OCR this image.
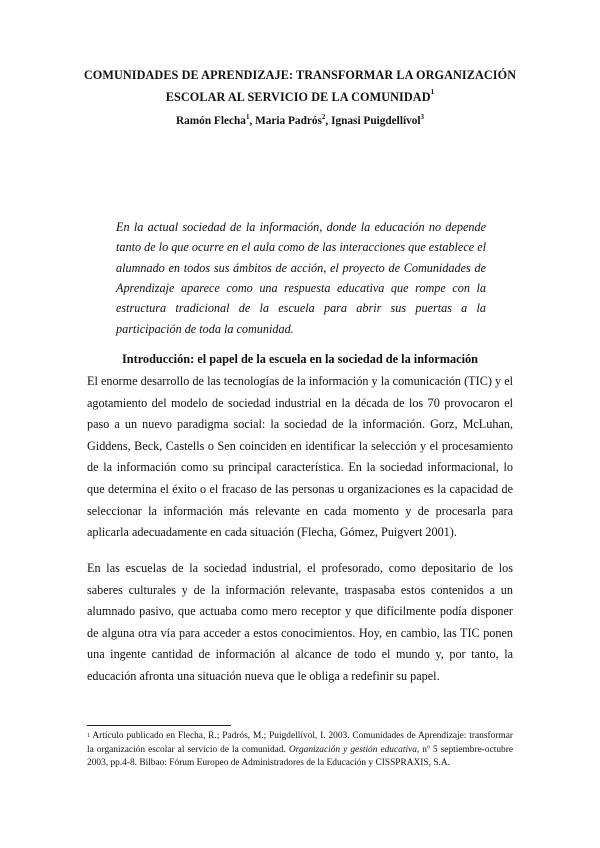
COMUNIDADES DE APRENDIZAJE: TRANSFORMAR LA ORGANIZACIÓN
ESCOLAR AL SERVICIO DE LA COMUNIDAD$^1$
Ramón Flecha$^1$, Maria Padrós$^2$, Ignasi Puigdellívol$^3$

En la actual sociedad de la información, donde la educación no depende tanto de lo que ocurre en el aula como de las interacciones que establece el alumnado en todos sus ámbitos de acción, el proyecto de Comunidades de Aprendizaje aparece como una respuesta educativa que rompe con la estructura tradicional de la escuela para abrir sus puertas a la participación de toda la comunidad.

Introducción: el papel de la escuela en la sociedad de la información

El enorme desarrollo de las tecnologías de la información y la comunicación (TIC) y el agotamiento del modelo de sociedad industrial en la década de los 70 provocaron el paso a un nuevo paradigma social: la sociedad de la información. Gorz, McLuhan, Giddens, Beck, Castells o Sen coinciden en identificar la selección y el procesamiento de la información como su principal característica. En la sociedad informacional, lo que determina el éxito o el fracaso de las personas u organizaciones es la capacidad de seleccionar la información más relevante en cada momento y de procesarla para aplicarla adecuadamente en cada situación (Flecha, Gómez, Puigvert 2001).

En las escuelas de la sociedad industrial, el profesorado, como depositario de los saberes culturales y de la información relevante, traspasaba estos contenidos a un alumnado pasivo, que actuaba como mero receptor y que difícilmente podía disponer de alguna otra vía para acceder a estos conocimientos. Hoy, en cambio, las TIC ponen una ingente cantidad de información al alcance de todo el mundo y, por tanto, la educación afronta una situación nueva que le obliga a redefinir su papel.

$^1$ Artículo publicado en Flecha, R.; Padrós, M.; Puigdellívol, I. 2003. Comunidades de Aprendizaje: transformar la organización escolar al servicio de la comunidad. Organización y gestión educativa, nº 5 septiembre-octubre 2003, pp.4-8. Bilbao: Fórum Europeo de Administradores de la Educación y CISSPRAXIS, S.A.
